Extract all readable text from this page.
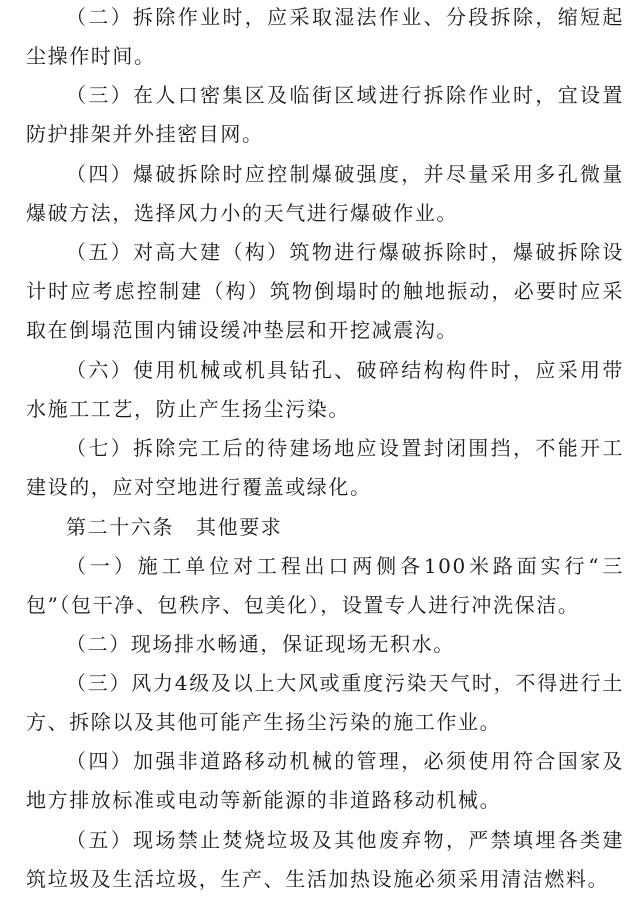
（二）拆除作业时，应采取湿法作业、分段拆除，缩短起尘操作时间。

（三）在人口密集区及临街区域进行拆除作业时，宜设置防护排架并外挂密目网。

（四）爆破拆除时应控制爆破强度，并尽量采用多孔微量爆破方法，选择风力小的天气进行爆破作业。

（五）对高大建（构）筑物进行爆破拆除时，爆破拆除设计时应考虑控制建（构）筑物倒塌时的触地振动，必要时应采取在倒塌范围内铺设缓冲垫层和开挖减震沟。

（六）使用机械或机具钻孔、破碎结构构件时，应采用带水施工工艺，防止产生扬尘污染。

（七）拆除完工后的待建场地应设置封闭围挡，不能开工建设的，应对空地进行覆盖或绿化。

第二十六条 其他要求

（一）施工单位对工程出口两侧各100米路面实行“三包”（包干净、包秩序、包美化），设置专人进行冲洗保洁。

（二）现场排水畅通，保证现场无积水。

（三）风力4级及以上大风或重度污染天气时，不得进行土方、拆除以及其他可能产生扬尘污染的施工作业。

（四）加强非道路移动机械的管理，必须使用符合国家及地方排放标准或电动等新能源的非道路移动机械。

（五）现场禁止焚烧垃圾及其他废弃物，严禁填埋各类建筑垃圾及生活垃圾，生产、生活加热设施必须采用清洁燃料。
